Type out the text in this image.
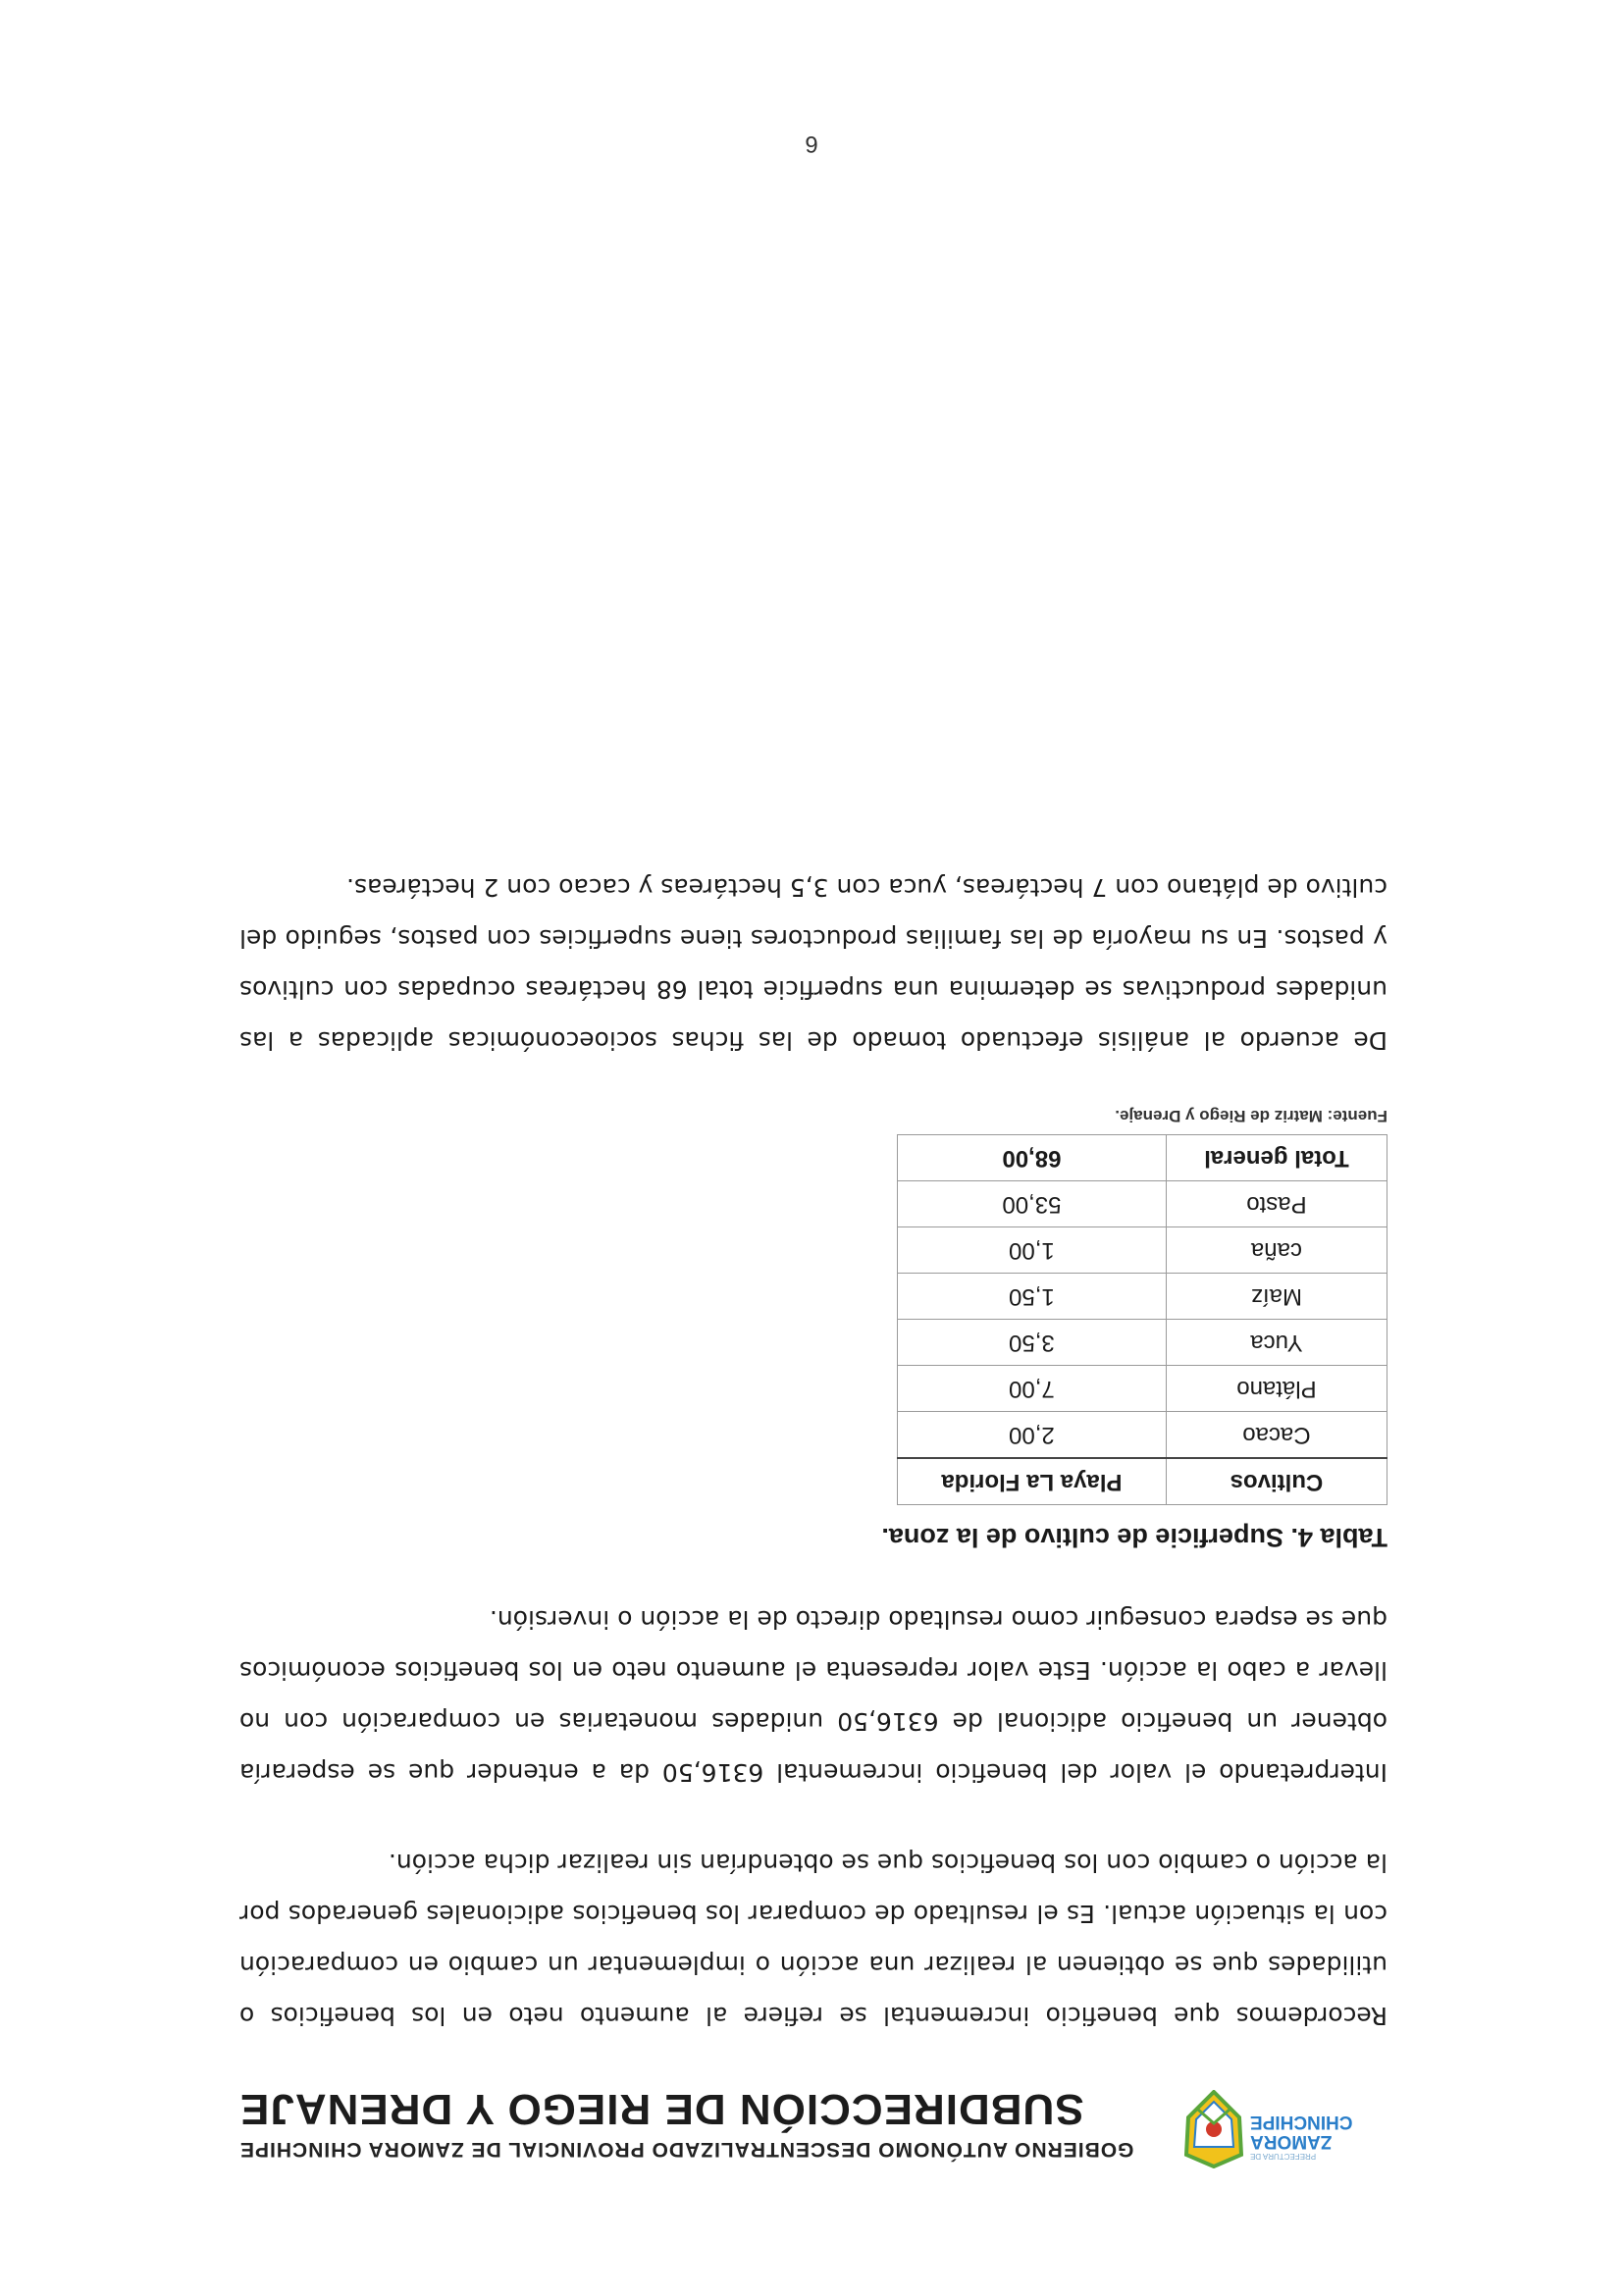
PREFECTURA DE
ZAMORA
CHINCHIPE
GOBIERNO AUTÓNOMO DESCENTRALIZADO PROVINCIAL DE ZAMORA CHINCHIPE
SUBDIRECCIÓN DE RIEGO Y DRENAJE

Recordemos que beneficio incremental se refiere al aumento neto en los beneficios o utilidades que se obtienen al realizar una acción o implementar un cambio en comparación con la situación actual. Es el resultado de comparar los beneficios adicionales generados por la acción o cambio con los beneficios que se obtendrían sin realizar dicha acción.

Interpretando el valor del beneficio incremental 6316,50 da a entender que se esperaría obtener un beneficio adicional de 6316,50 unidades monetarias en comparación con no llevar a cabo la acción. Este valor representa el aumento neto en los beneficios económicos que se espera conseguir como resultado directo de la acción o inversión.

Tabla 4. Superficie de cultivo de la zona.
Cultivos	Playa La Florida
Cacao	2,00
Plátano	7,00
Yuca	3,50
Maíz	1,50
caña	1,00
Pasto	53,00
Total general	68,00
Fuente: Matriz de Riego y Drenaje.

De acuerdo al análisis efectuado tomado de las fichas socioeconómicas aplicadas a las unidades productivas se determina una superficie total 68 hectáreas ocupadas con cultivos y pastos. En su mayoría de las familias productores tiene superficies con pastos, seguido del cultivo de plátano con 7 hectáreas, yuca con 3,5 hectáreas y cacao con 2 hectáreas.

6
